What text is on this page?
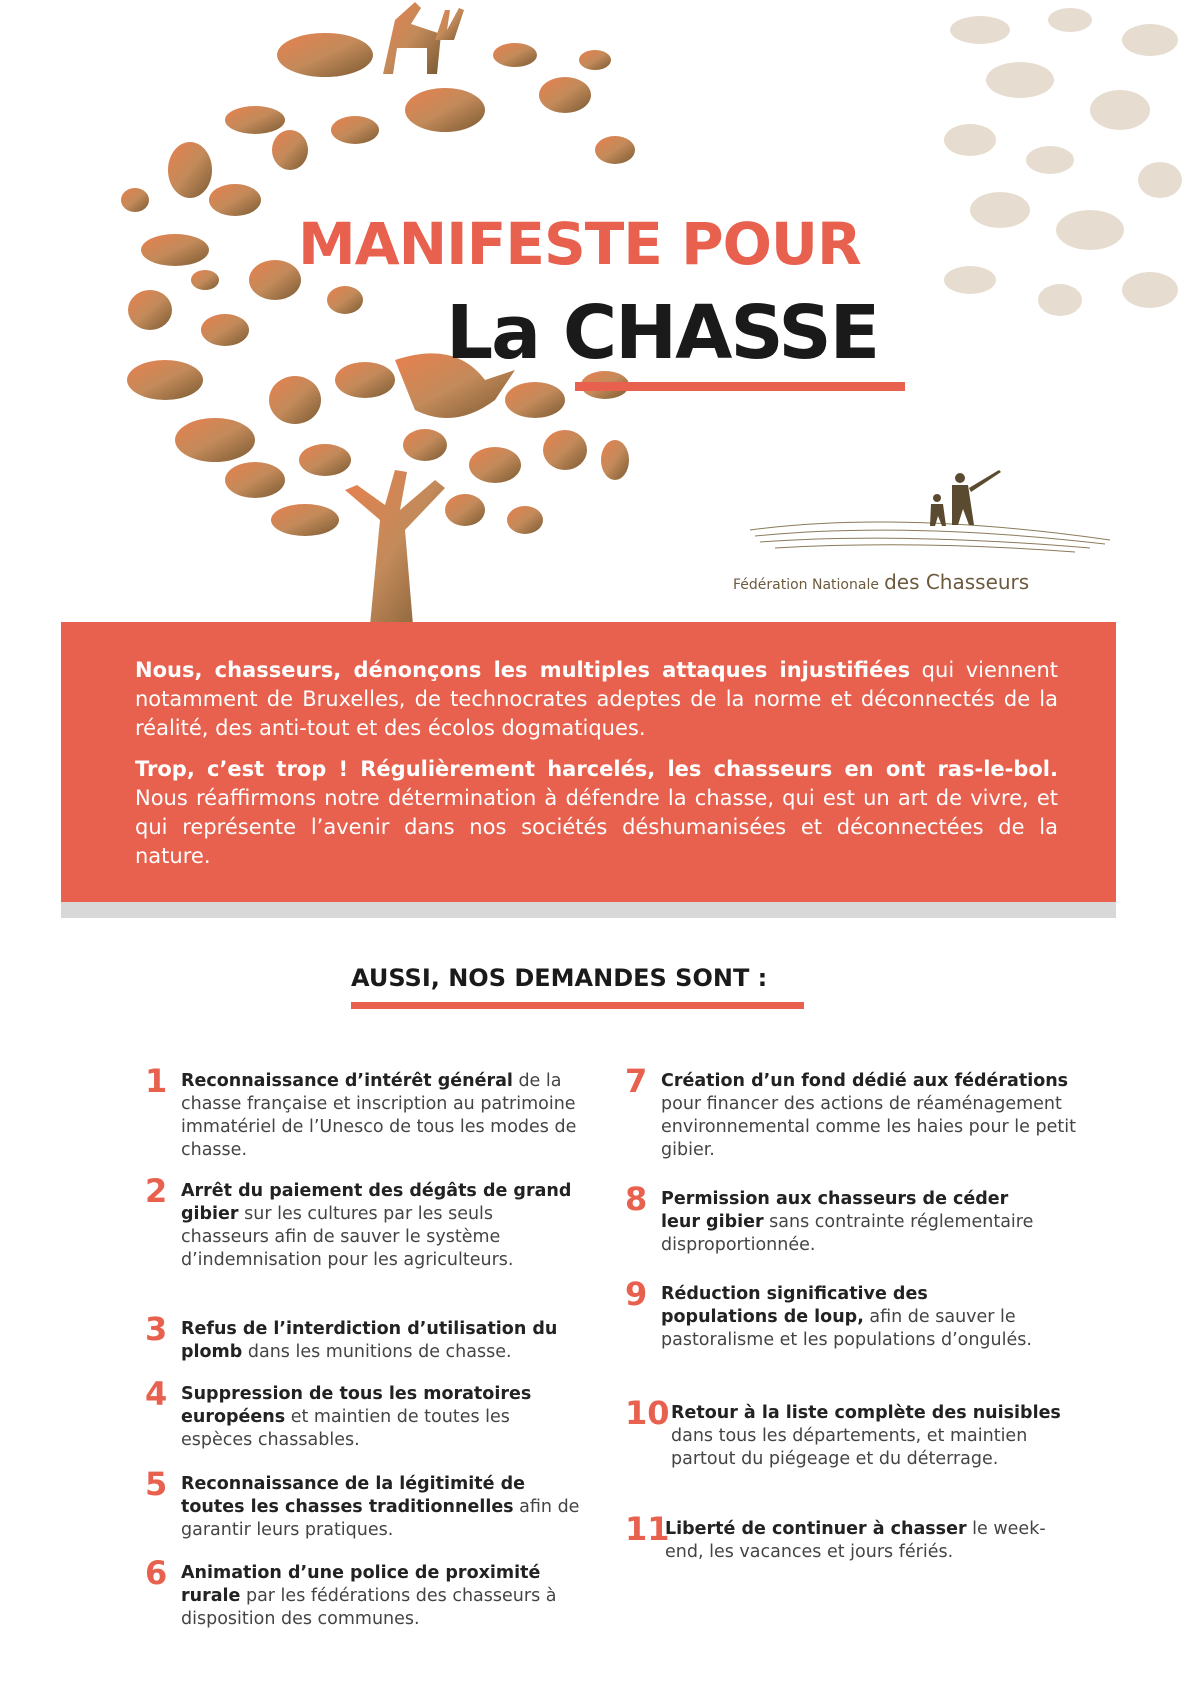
MANIFESTE POUR
La CHASSE
Fédération Nationale des Chasseurs

Nous, chasseurs, dénonçons les multiples attaques injustifiées qui viennent notamment de Bruxelles, de technocrates adeptes de la norme et déconnectés de la réalité, des anti-tout et des écolos dogmatiques.

Trop, c’est trop ! Régulièrement harcelés, les chasseurs en ont ras-le-bol. Nous réaffirmons notre détermination à défendre la chasse, qui est un art de vivre, et qui représente l’avenir dans nos sociétés déshumanisées et déconnectées de la nature.

AUSSI, NOS DEMANDES SONT :
1 Reconnaissance d’intérêt général de la chasse française et inscription au patrimoine immatériel de l’Unesco de tous les modes de chasse.
2 Arrêt du paiement des dégâts de grand gibier sur les cultures par les seuls chasseurs afin de sauver le système d’indemnisation pour les agriculteurs.
3 Refus de l’interdiction d’utilisation du plomb dans les munitions de chasse.
4 Suppression de tous les moratoires européens et maintien de toutes les espèces chassables.
5 Reconnaissance de la légitimité de toutes les chasses traditionnelles afin de garantir leurs pratiques.
6 Animation d’une police de proximité rurale par les fédérations des chasseurs à disposition des communes.
7 Création d’un fond dédié aux fédérations pour financer des actions de réaménagement environnemental comme les haies pour le petit gibier.
8 Permission aux chasseurs de céder leur gibier sans contrainte réglementaire disproportionnée.
9 Réduction significative des populations de loup, afin de sauver le pastoralisme et les populations d’ongulés.
10 Retour à la liste complète des nuisibles dans tous les départements, et maintien partout du piégeage et du déterrage.
11
Liberté de continuer à chasser le week-end, les vacances et jours fériés.
